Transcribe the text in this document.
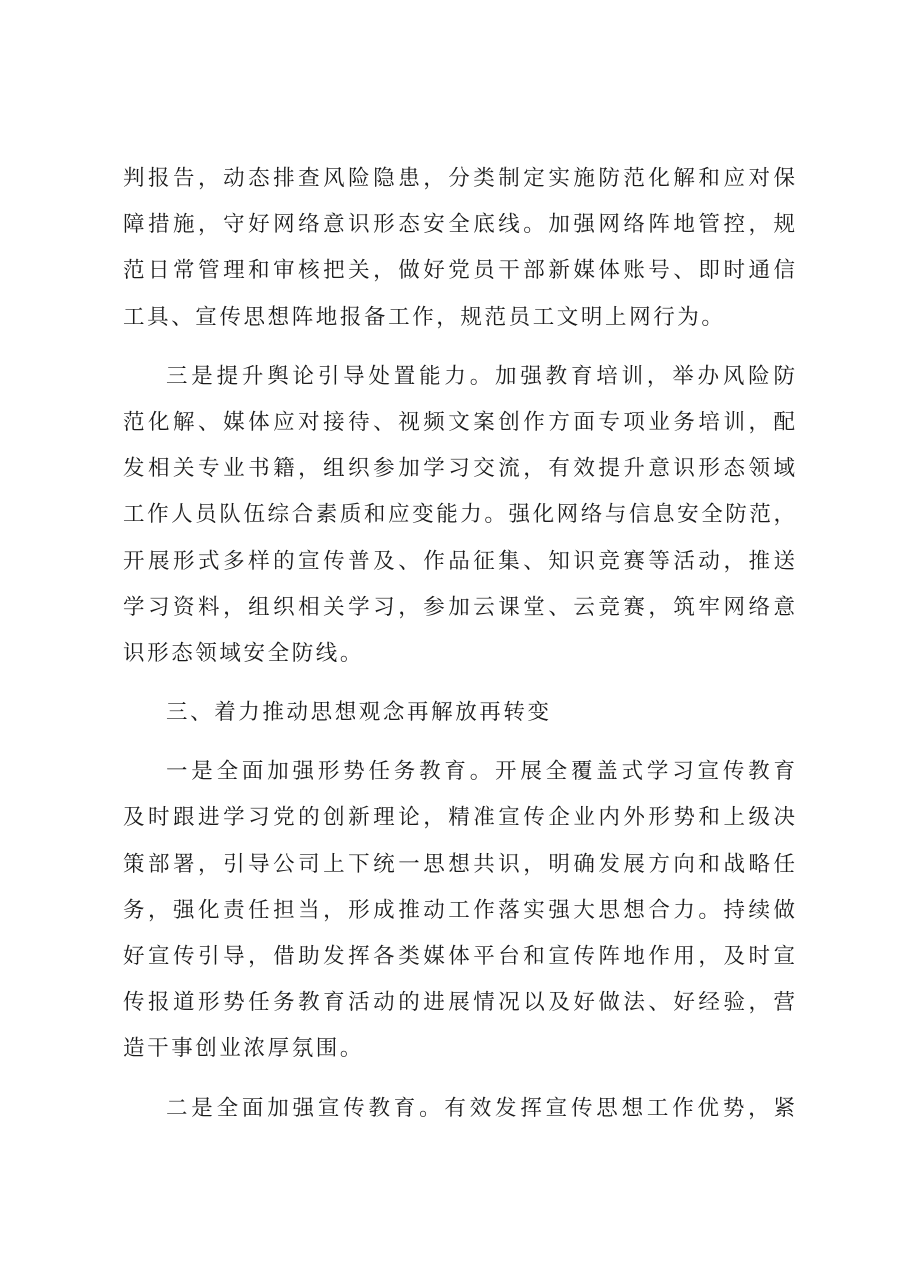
判报告，动态排查风险隐患，分类制定实施防范化解和应对保
障措施，守好网络意识形态安全底线。加强网络阵地管控，规
范日常管理和审核把关，做好党员干部新媒体账号、即时通信
工具、宣传思想阵地报备工作，规范员工文明上网行为。
三是提升舆论引导处置能力。加强教育培训，举办风险防
范化解、媒体应对接待、视频文案创作方面专项业务培训，配
发相关专业书籍，组织参加学习交流，有效提升意识形态领域
工作人员队伍综合素质和应变能力。强化网络与信息安全防范，
开展形式多样的宣传普及、作品征集、知识竞赛等活动，推送
学习资料，组织相关学习，参加云课堂、云竞赛，筑牢网络意
识形态领域安全防线。
三、着力推动思想观念再解放再转变
一是全面加强形势任务教育。开展全覆盖式学习宣传教育
及时跟进学习党的创新理论，精准宣传企业内外形势和上级决
策部署，引导公司上下统一思想共识，明确发展方向和战略任
务，强化责任担当，形成推动工作落实强大思想合力。持续做
好宣传引导，借助发挥各类媒体平台和宣传阵地作用，及时宣
传报道形势任务教育活动的进展情况以及好做法、好经验，营
造干事创业浓厚氛围。
二是全面加强宣传教育。有效发挥宣传思想工作优势，紧
